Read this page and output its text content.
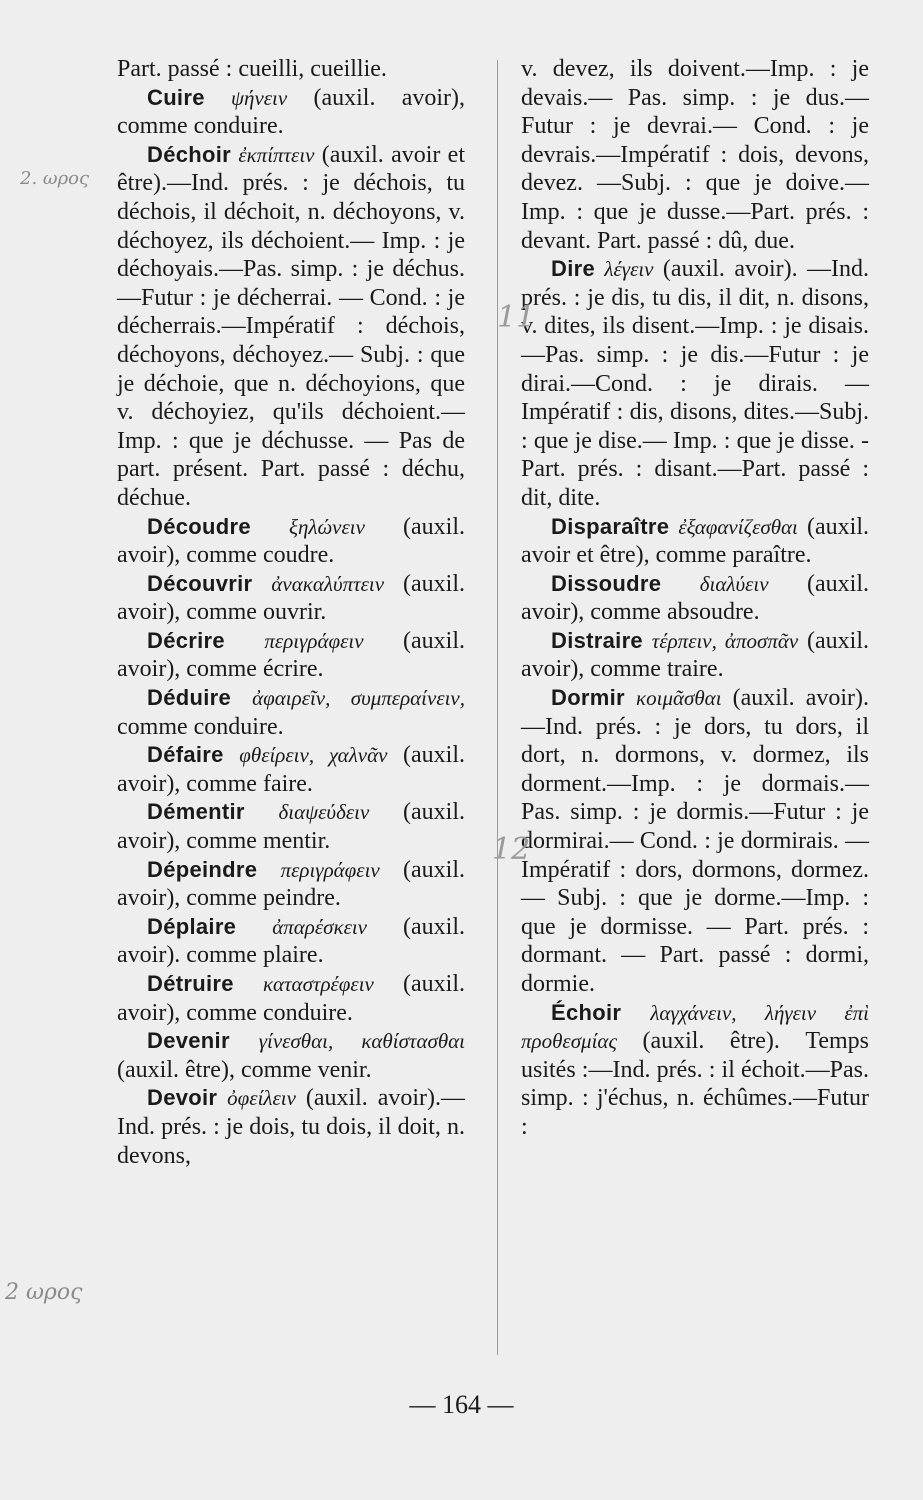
Part. passé : cueilli, cueillie.
Cuire ψήνειν (auxil. avoir), comme conduire.
Déchoir ἐκπίπτειν (auxil. avoir et être).—Ind. prés. : je déchois, tu déchois, il déchoit, n. déchoyons, v. déchoyez, ils déchoient.— Imp. : je déchoyais.—Pas. simp. : je déchus.—Futur : je décherrai. — Cond. : je décherrais.—Impératif : déchois, déchoyons, déchoyez.— Subj. : que je déchoie, que n. déchoyions, que v. déchoyiez, qu'ils déchoient.—Imp. : que je déchusse. — Pas de part. présent. Part. passé : déchu, déchue.
Découdre ξηλώνειν (auxil. avoir), comme coudre.
Découvrir ἀνακαλύπτειν (auxil. avoir), comme ouvrir.
Décrire περιγράφειν (auxil. avoir), comme écrire.
Déduire ἀφαιρεῖν, συμπεραίνειν, comme conduire.
Défaire φθείρειν, χαλνᾶν (auxil. avoir), comme faire.
Démentir διαψεύδειν (auxil. avoir), comme mentir.
Dépeindre περιγράφειν (auxil. avoir), comme peindre.
Déplaire ἀπαρέσκειν (auxil. avoir). comme plaire.
Détruire καταστρέφειν (auxil. avoir), comme conduire.
Devenir γίνεσθαι, καθίστασθαι (auxil. être), comme venir.
Devoir ὀφείλειν (auxil. avoir).—Ind. prés. : je dois, tu dois, il doit, n. devons,
v. devez, ils doivent.—Imp. : je devais.— Pas. simp. : je dus.—Futur : je devrai.— Cond. : je devrais.—Impératif : dois, devons, devez. —Subj. : que je doive.— Imp. : que je dusse.—Part. prés. : devant. Part. passé : dû, due.
Dire λέγειν (auxil. avoir). —Ind. prés. : je dis, tu dis, il dit, n. disons, v. dites, ils disent.—Imp. : je disais. —Pas. simp. : je dis.—Futur : je dirai.—Cond. : je dirais. —Impératif : dis, disons, dites.—Subj. : que je dise.— Imp. : que je disse. - Part. prés. : disant.—Part. passé : dit, dite.
Disparaître ἐξαφανίζεσθαι (auxil. avoir et être), comme paraître.
Dissoudre διαλύειν (auxil. avoir), comme absoudre.
Distraire τέρπειν, ἀποσπᾶν (auxil. avoir), comme traire.
Dormir κοιμᾶσθαι (auxil. avoir).—Ind. prés. : je dors, tu dors, il dort, n. dormons, v. dormez, ils dorment.—Imp. : je dormais.— Pas. simp. : je dormis.—Futur : je dormirai.— Cond. : je dormirais. — Impératif : dors, dormons, dormez.— Subj. : que je dorme.—Imp. : que je dormisse. — Part. prés. : dormant. — Part. passé : dormi, dormie.
Échoir λαγχάνειν, λήγειν ἐπὶ προθεσμίας (auxil. être). Temps usités :—Ind. prés. : il échoit.—Pas. simp. : j'échus, n. échûmes.—Futur :
2. ωρος
2 ωρος
11
12
— 164 —
